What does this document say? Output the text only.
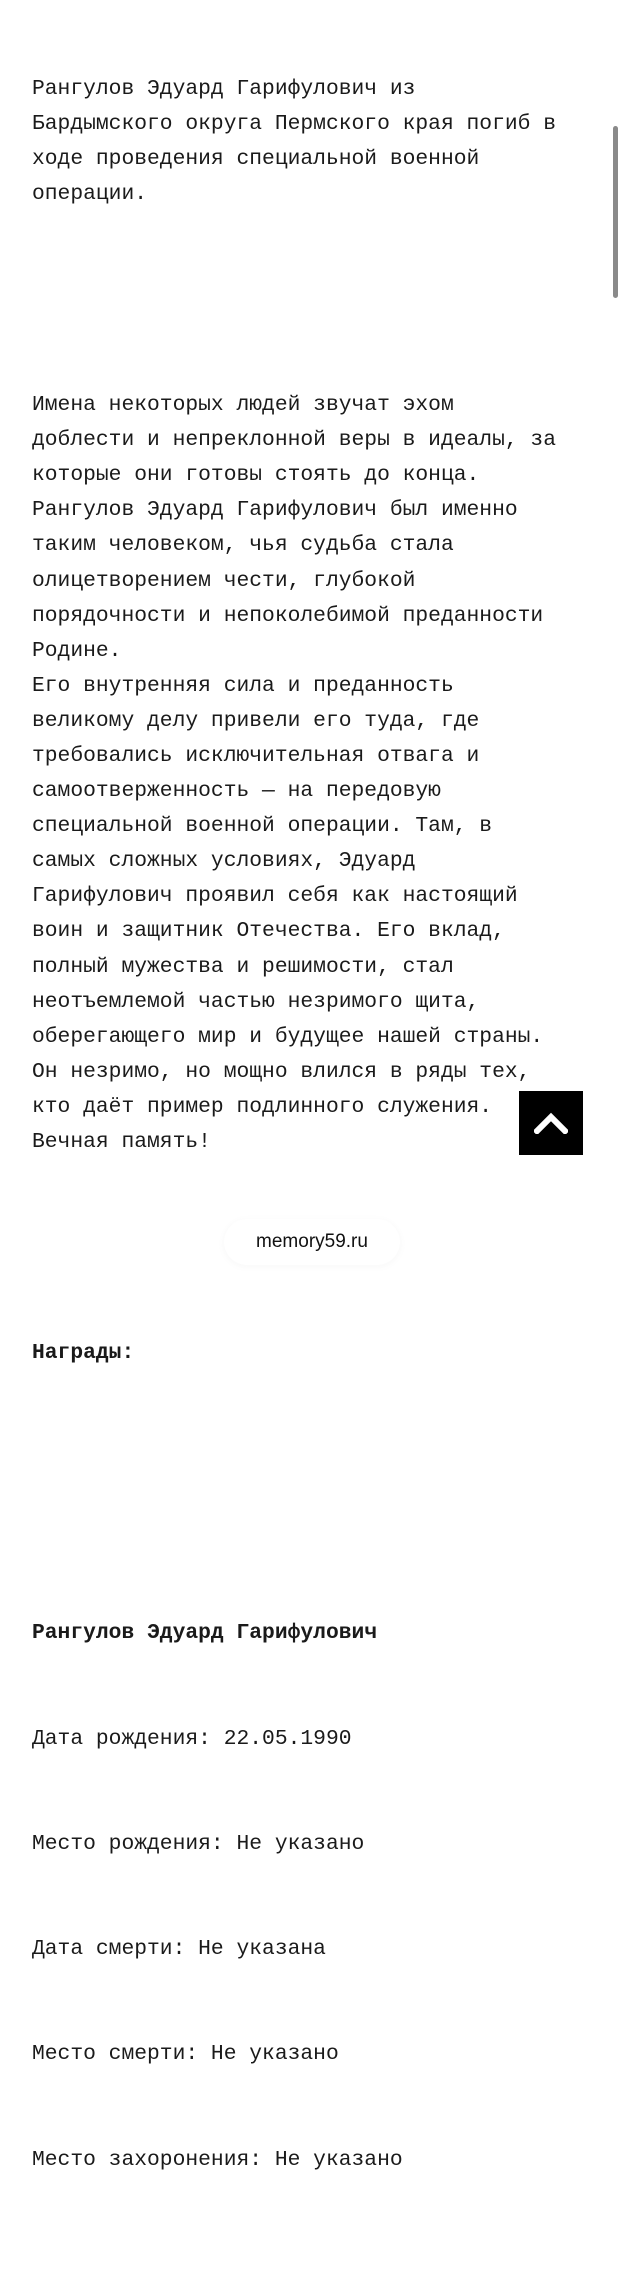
Рангулов Эдуард Гарифулович из
Бардымского округа Пермского края погиб в
ходе проведения специальной военной
операции.

Имена некоторых людей звучат эхом
доблести и непреклонной веры в идеалы, за
которые они готовы стоять до конца.
Рангулов Эдуард Гарифулович был именно
таким человеком, чья судьба стала
олицетворением чести, глубокой
порядочности и непоколебимой преданности
Родине.
Его внутренняя сила и преданность
великому делу привели его туда, где
требовались исключительная отвага и
самоотверженность — на передовую
специальной военной операции. Там, в
самых сложных условиях, Эдуард
Гарифулович проявил себя как настоящий
воин и защитник Отечества. Его вклад,
полный мужества и решимости, стал
неотъемлемой частью незримого щита,
оберегающего мир и будущее нашей страны.
Он незримо, но мощно влился в ряды тех,
кто даёт пример подлинного служения.
Вечная память!

Награды:

Рангулов Эдуард Гарифулович

Дата рождения: 22.05.1990

Место рождения: Не указано

Дата смерти: Не указана

Место смерти: Не указано

Место захоронения: Не указано

memory59.ru
